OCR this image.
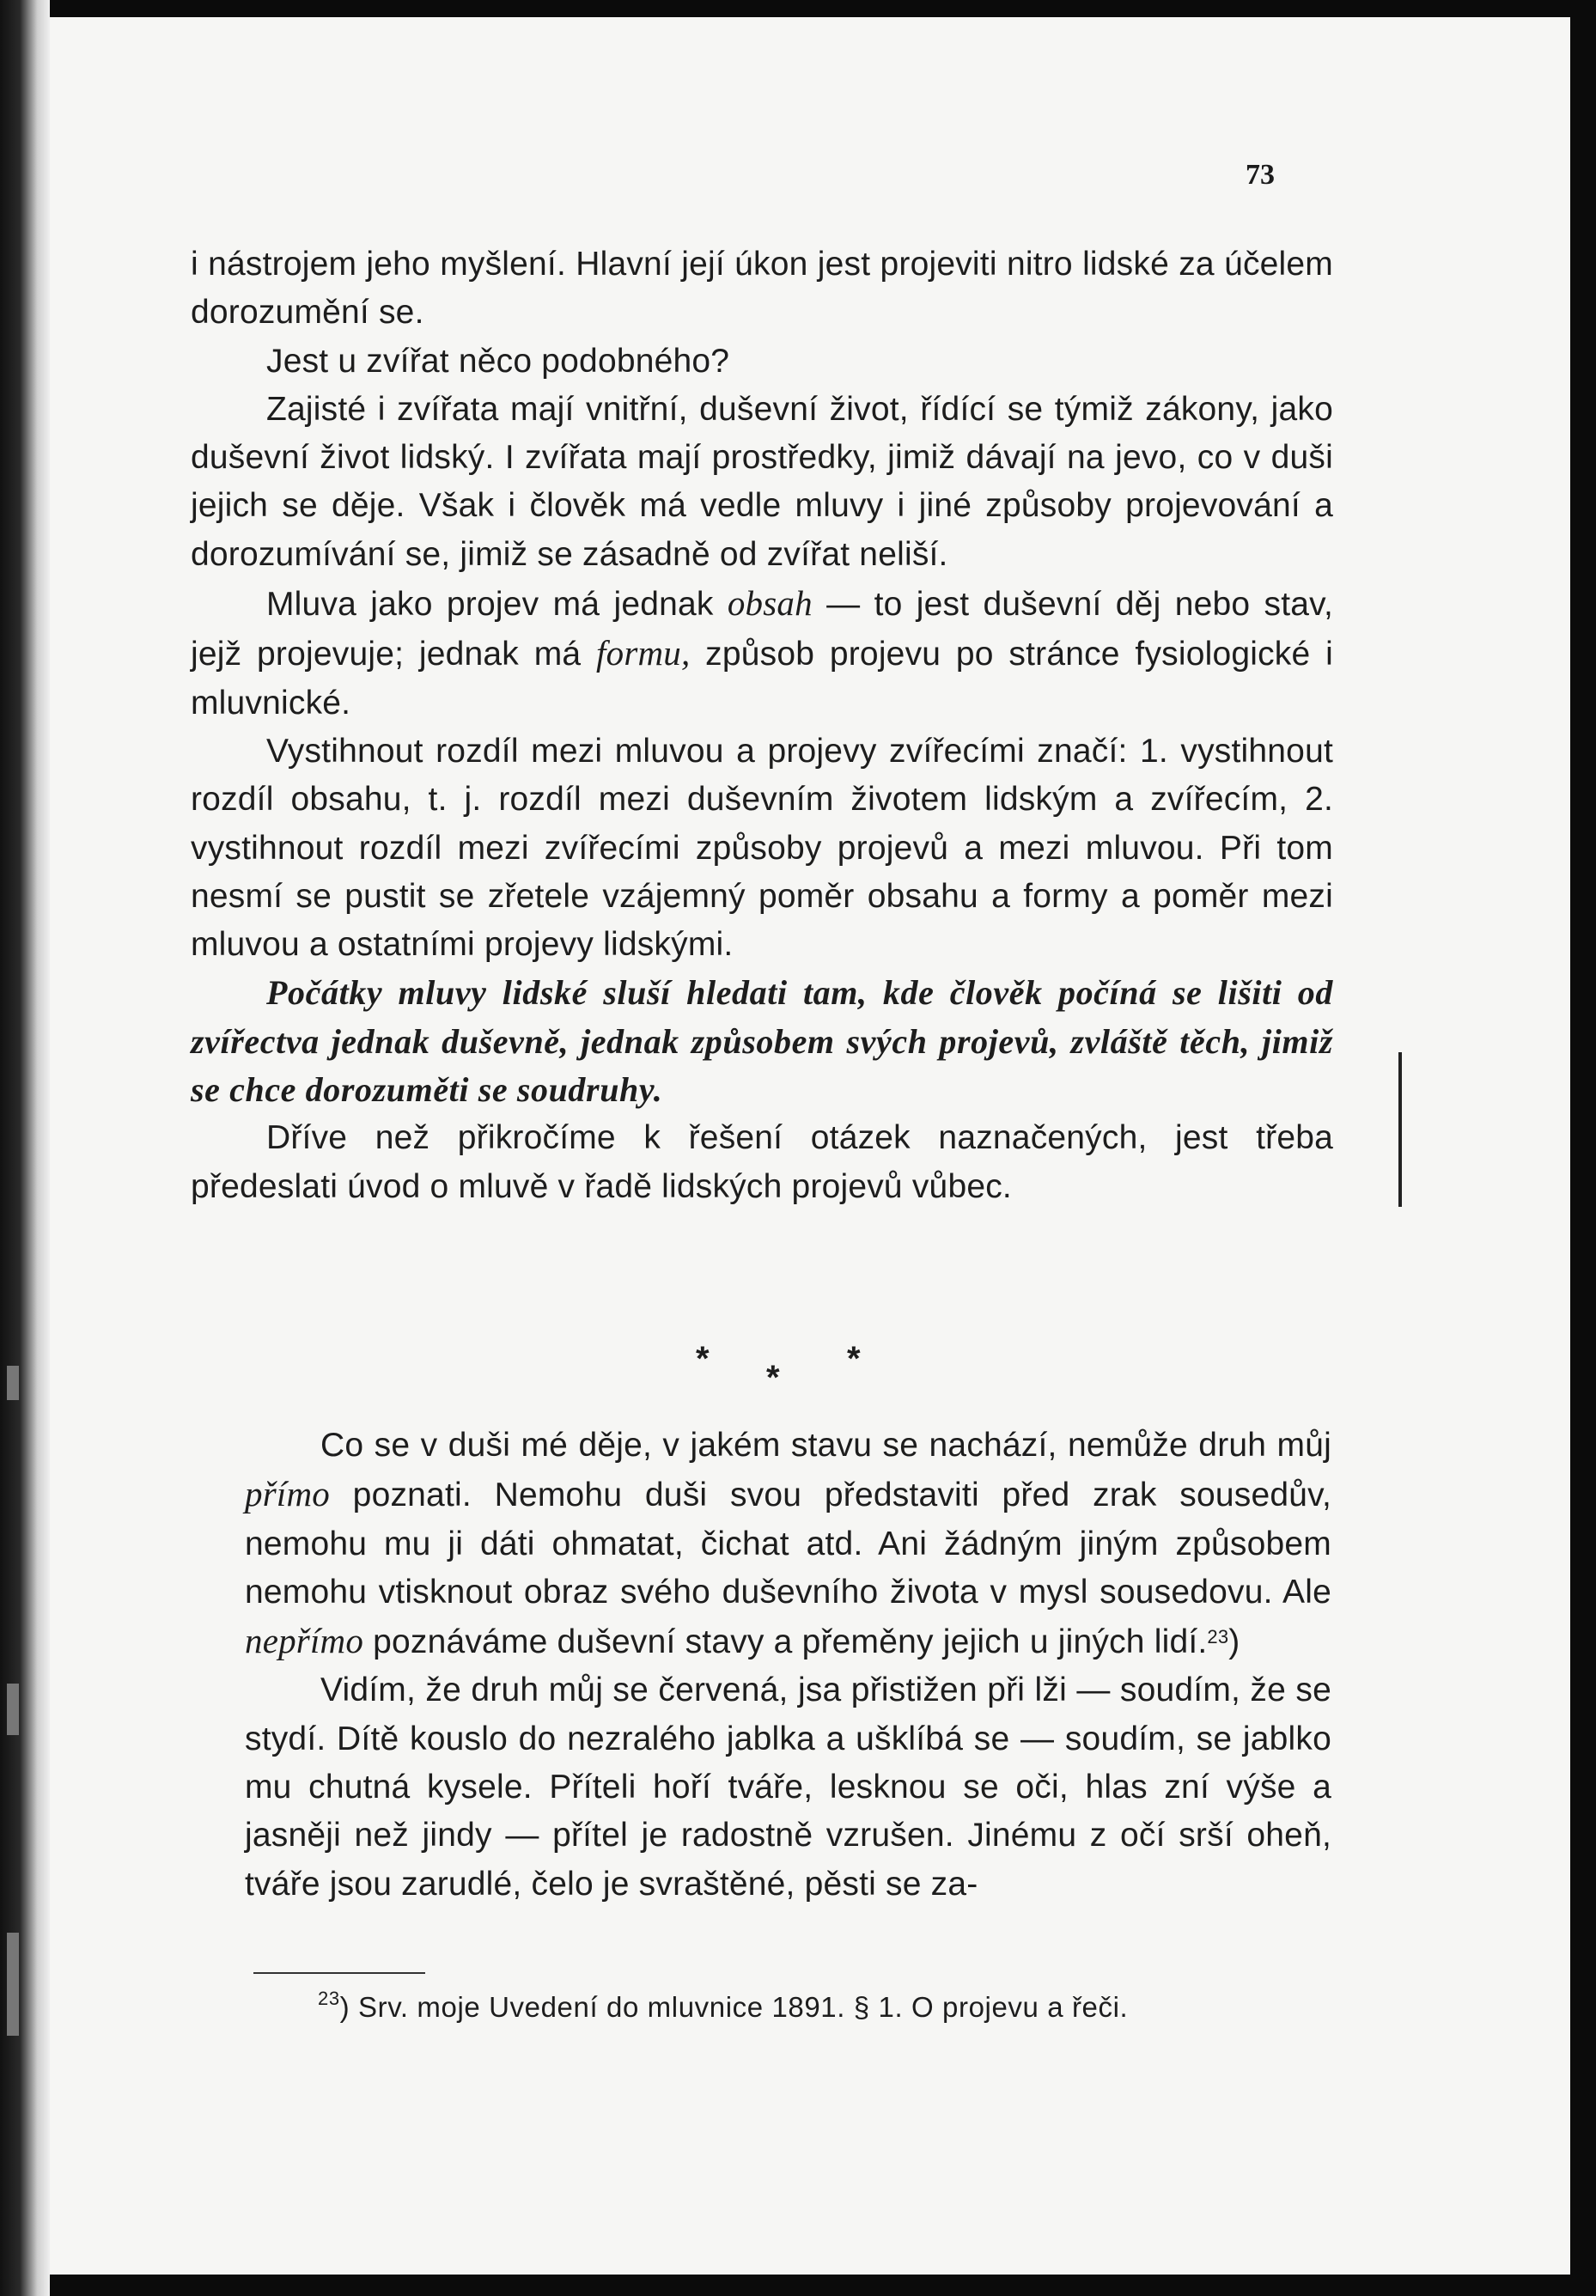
73

i nástrojem jeho myšlení. Hlavní její úkon jest projeviti nitro lidské za účelem dorozumění se.

Jest u zvířat něco podobného?

Zajisté i zvířata mají vnitřní, duševní život, řídící se týmiž zákony, jako duševní život lidský. I zvířata mají prostředky, jimiž dávají na jevo, co v duši jejich se děje. Však i člověk má vedle mluvy i jiné způsoby projevování a dorozumívání se, jimiž se zásadně od zvířat neliší.

Mluva jako projev má jednak obsah — to jest duševní děj nebo stav, jejž projevuje; jednak má formu, způsob projevu po stránce fysiologické i mluvnické.

Vystihnout rozdíl mezi mluvou a projevy zvířecími značí: 1. vystihnout rozdíl obsahu, t. j. rozdíl mezi duševním životem lidským a zvířecím, 2. vystihnout rozdíl mezi zvířecími způsoby projevů a mezi mluvou. Při tom nesmí se pustit se zřetele vzájemný poměr obsahu a formy a poměr mezi mluvou a ostatními projevy lidskými.

Počátky mluvy lidské sluší hledati tam, kde člověk počíná se lišiti od zvířectva jednak duševně, jednak způsobem svých projevů, zvláště těch, jimiž se chce dorozuměti se soudruhy.

Dříve než přikročíme k řešení otázek naznačených, jest třeba předeslati úvod o mluvě v řadě lidských projevů vůbec.

* * *

Co se v duši mé děje, v jakém stavu se nachází, nemůže druh můj přímo poznati. Nemohu duši svou představiti před zrak sousedův, nemohu mu ji dáti ohmatat, čichat atd. Ani žádným jiným způsobem nemohu vtisknout obraz svého duševního života v mysl sousedovu. Ale nepřímo poznáváme duševní stavy a přeměny jejich u jiných lidí.$^{23}$)

Vidím, že druh můj se červená, jsa přistižen při lži — soudím, že se stydí. Dítě kouslo do nezralého jablka a ušklíbá se — soudím, se jablko mu chutná kysele. Příteli hoří tváře, lesknou se oči, hlas zní výše a jasněji než jindy — přítel je radostně vzrušen. Jinému z očí srší oheň, tváře jsou zarudlé, čelo je svraštěné, pěsti se za-

$^{23}$) Srv. moje Uvedení do mluvnice 1891. § 1. O projevu a řeči.
